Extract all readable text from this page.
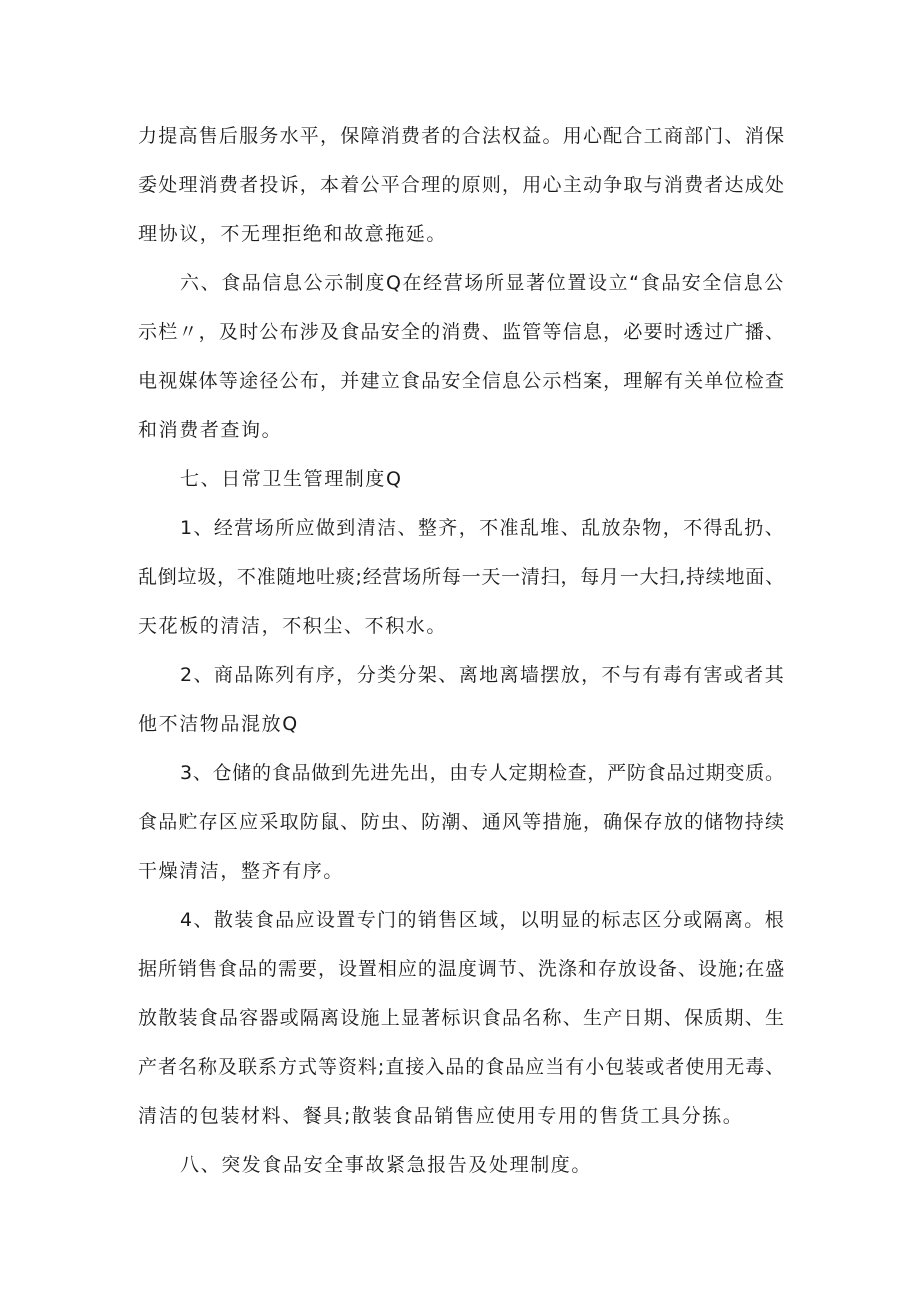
力提高售后服务水平，保障消费者的合法权益。用心配合工商部门、消保
委处理消费者投诉，本着公平合理的原则，用心主动争取与消费者达成处
理协议，不无理拒绝和故意拖延。
六、食品信息公示制度Q在经营场所显著位置设立“食品安全信息公
示栏〃，及时公布涉及食品安全的消费、监管等信息，必要时透过广播、
电视媒体等途径公布，并建立食品安全信息公示档案，理解有关单位检查
和消费者查询。
七、日常卫生管理制度Q
1、经营场所应做到清洁、整齐，不准乱堆、乱放杂物，不得乱扔、
乱倒垃圾，不准随地吐痰;经营场所每一天一清扫，每月一大扫,持续地面、
天花板的清洁，不积尘、不积水。
2、商品陈列有序，分类分架、离地离墙摆放，不与有毒有害或者其
他不洁物品混放Q
3、仓储的食品做到先进先出，由专人定期检查，严防食品过期变质。
食品贮存区应采取防鼠、防虫、防潮、通风等措施，确保存放的储物持续
干燥清洁，整齐有序。
4、散装食品应设置专门的销售区域，以明显的标志区分或隔离。根
据所销售食品的需要，设置相应的温度调节、洗涤和存放设备、设施;在盛
放散装食品容器或隔离设施上显著标识食品名称、生产日期、保质期、生
产者名称及联系方式等资料;直接入品的食品应当有小包装或者使用无毒、
清洁的包装材料、餐具;散装食品销售应使用专用的售货工具分拣。
八、突发食品安全事故紧急报告及处理制度。
